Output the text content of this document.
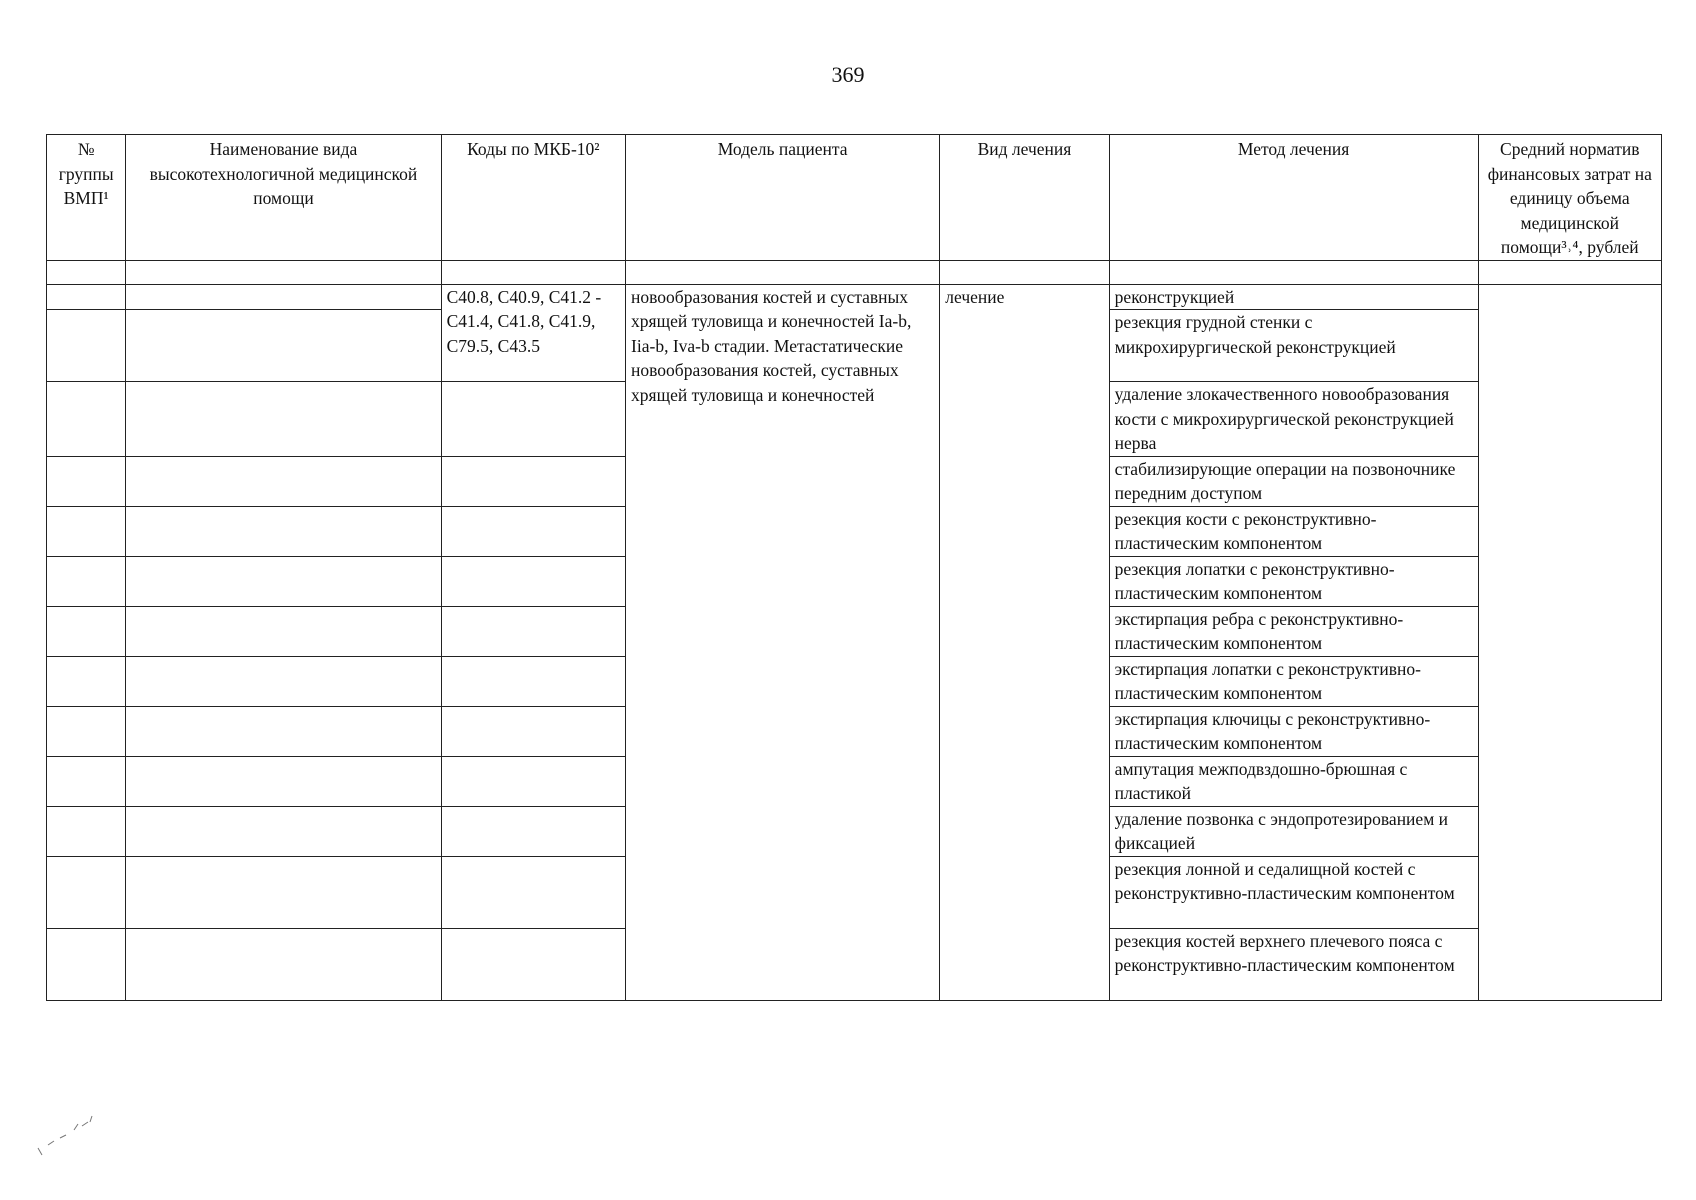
369
№ группы ВМП¹	Наименование вида высокотехнологичной медицинской помощи	Коды по МКБ-10²	Модель пациента	Вид лечения	Метод лечения	Средний норматив финансовых затрат на единицу объема медицинской помощи³˒⁴, рублей

		C40.8, C40.9, C41.2 - C41.4, C41.8, C41.9, C79.5, C43.5	новообразования костей и суставных хрящей туловища и конечностей Ia-b, Iia-b, Iva-b стадии. Метастатические новообразования костей, суставных хрящей туловища и конечностей	лечение	реконструкцией	
					резекция грудной стенки с микрохирургической реконструкцией	
					удаление злокачественного новообразования кости с микрохирургической реконструкцией нерва	
					стабилизирующие операции на позвоночнике передним доступом	
					резекция кости с реконструктивно-пластическим компонентом	
					резекция лопатки с реконструктивно-пластическим компонентом	
					экстирпация ребра с реконструктивно-пластическим компонентом	
					экстирпация лопатки с реконструктивно-пластическим компонентом	
					экстирпация ключицы с реконструктивно-пластическим компонентом	
					ампутация межподвздошно-брюшная с пластикой	
					удаление позвонка с эндопротезированием и фиксацией	
					резекция лонной и седалищной костей с реконструктивно-пластическим компонентом	
					резекция костей верхнего плечевого пояса с реконструктивно-пластическим компонентом	
